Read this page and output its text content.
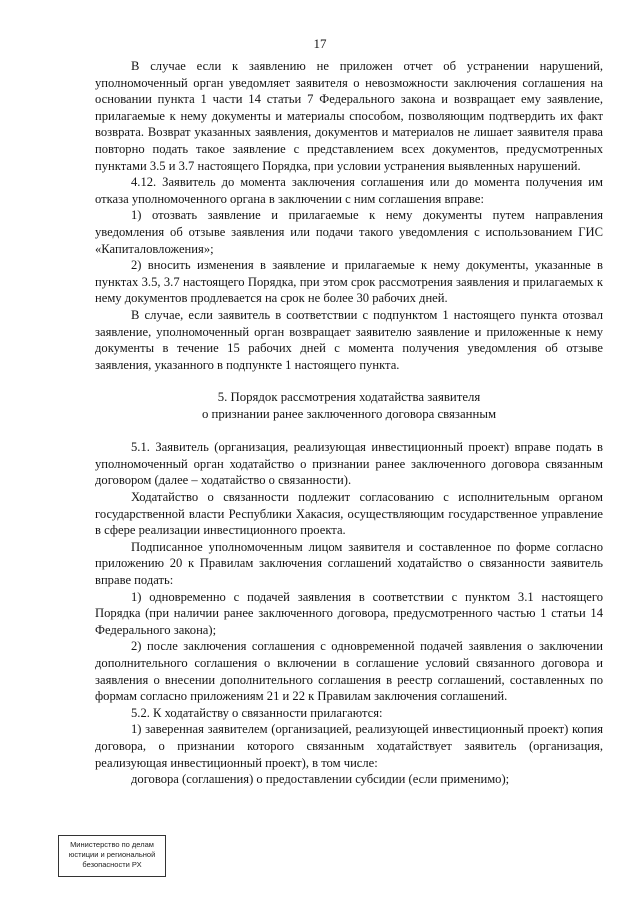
17

В случае если к заявлению не приложен отчет об устранении нарушений, уполномоченный орган уведомляет заявителя о невозможности заключения соглашения на основании пункта 1 части 14 статьи 7 Федерального закона и возвращает ему заявление, прилагаемые к нему документы и материалы способом, позволяющим подтвердить их факт возврата. Возврат указанных заявления, документов и материалов не лишает заявителя права повторно подать такое заявление с представлением всех документов, предусмотренных пунктами 3.5 и 3.7 настоящего Порядка, при условии устранения выявленных нарушений.

4.12. Заявитель до момента заключения соглашения или до момента получения им отказа уполномоченного органа в заключении с ним соглашения вправе:

1) отозвать заявление и прилагаемые к нему документы путем направления уведомления об отзыве заявления или подачи такого уведомления с использованием ГИС «Капиталовложения»;

2) вносить изменения в заявление и прилагаемые к нему документы, указанные в пунктах 3.5, 3.7 настоящего Порядка, при этом срок рассмотрения заявления и прилагаемых к нему документов продлевается на срок не более 30 рабочих дней.

В случае, если заявитель в соответствии с подпунктом 1 настоящего пункта отозвал заявление, уполномоченный орган возвращает заявителю заявление и приложенные к нему документы в течение 15 рабочих дней с момента получения уведомления об отзыве заявления, указанного в подпункте 1 настоящего пункта.

5. Порядок рассмотрения ходатайства заявителя
о признании ранее заключенного договора связанным

5.1. Заявитель (организация, реализующая инвестиционный проект) вправе подать в уполномоченный орган ходатайство о признании ранее заключенного договора связанным договором (далее – ходатайство о связанности).

Ходатайство о связанности подлежит согласованию с исполнительным органом государственной власти Республики Хакасия, осуществляющим государственное управление в сфере реализации инвестиционного проекта.

Подписанное уполномоченным лицом заявителя и составленное по форме согласно приложению 20 к Правилам заключения соглашений ходатайство о связанности заявитель вправе подать:

1) одновременно с подачей заявления в соответствии с пунктом 3.1 настоящего Порядка (при наличии ранее заключенного договора, предусмотренного частью 1 статьи 14 Федерального закона);

2) после заключения соглашения с одновременной подачей заявления о заключении дополнительного соглашения о включении в соглашение условий связанного договора и заявления о внесении дополнительного соглашения в реестр соглашений, составленных по формам согласно приложениям 21 и 22 к Правилам заключения соглашений.

5.2. К ходатайству о связанности прилагаются:

1) заверенная заявителем (организацией, реализующей инвестиционный проект) копия договора, о признании которого связанным ходатайствует заявитель (организация, реализующая инвестиционный проект), в том числе:

договора (соглашения) о предоставлении субсидии (если применимо);

Министерство по делам
юстиции и региональной
безопасности РХ
